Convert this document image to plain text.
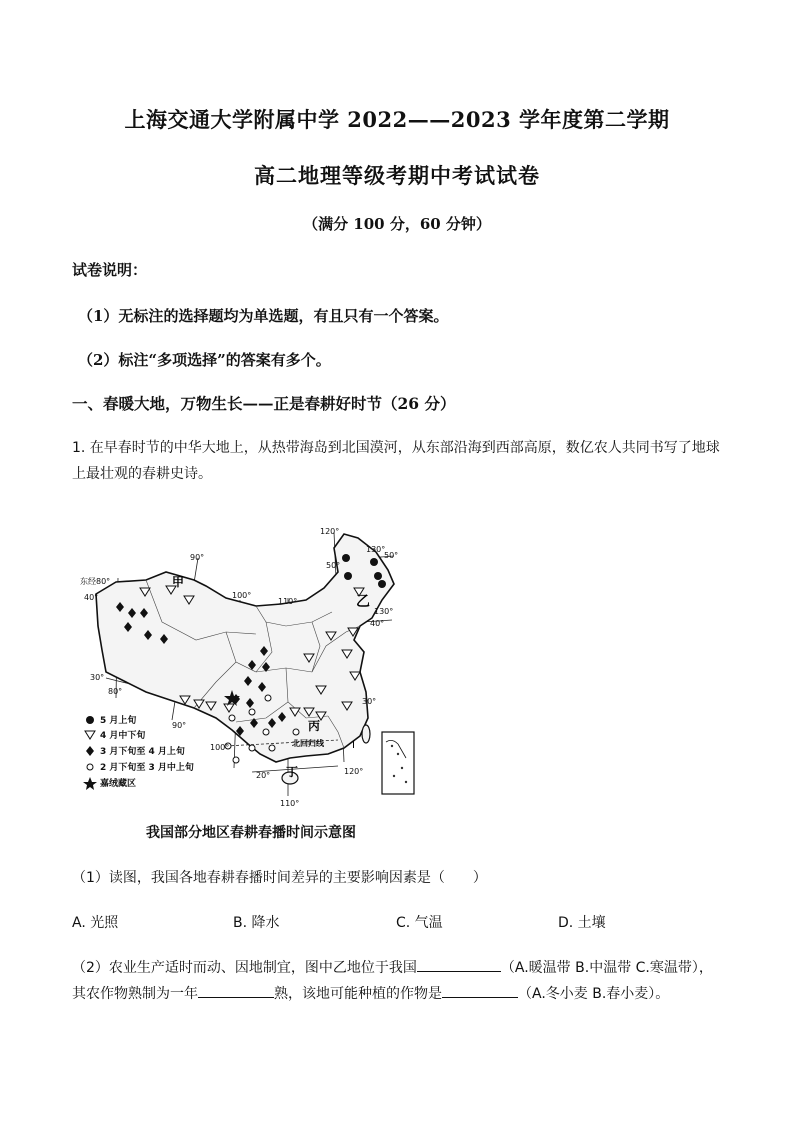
上海交通大学附属中学 2022——2023 学年度第二学期
高二地理等级考期中考试试卷
（满分 100 分，60 分钟）
试卷说明：
（1）无标注的选择题均为单选题，有且只有一个答案。
（2）标注“多项选择”的答案有多个。
一、春暖大地，万物生长——正是春耕好时节（26 分）
1. 在早春时节的中华大地上，从热带海岛到北国漠河，从东部沿海到西部高原，数亿农人共同书写了地球上最壮观的春耕史诗。
甲
乙
丙
丁
北回归线	I
120°
130°
50°
50°
90°
东经80°
40°
130°
40°
100°
110°
30°
80°
90°
30°
100°
120°
20°
110°
5 月上旬
4 月中下旬
3 月下旬至 4 月上旬
2 月下旬至 3 月中上旬
嘉绒藏区
我国部分地区春耕春播时间示意图
（1）读图，我国各地春耕春播时间差异的主要影响因素是（　　）
A. 光照	B. 降水	C. 气温	D. 土壤
（2）农业生产适时而动、因地制宜，图中乙地位于我国	（A.暖温带 B.中温带 C.寒温带），
其农作物熟制为一年	熟，该地可能种植的作物是	（A.冬小麦 B.春小麦）。
